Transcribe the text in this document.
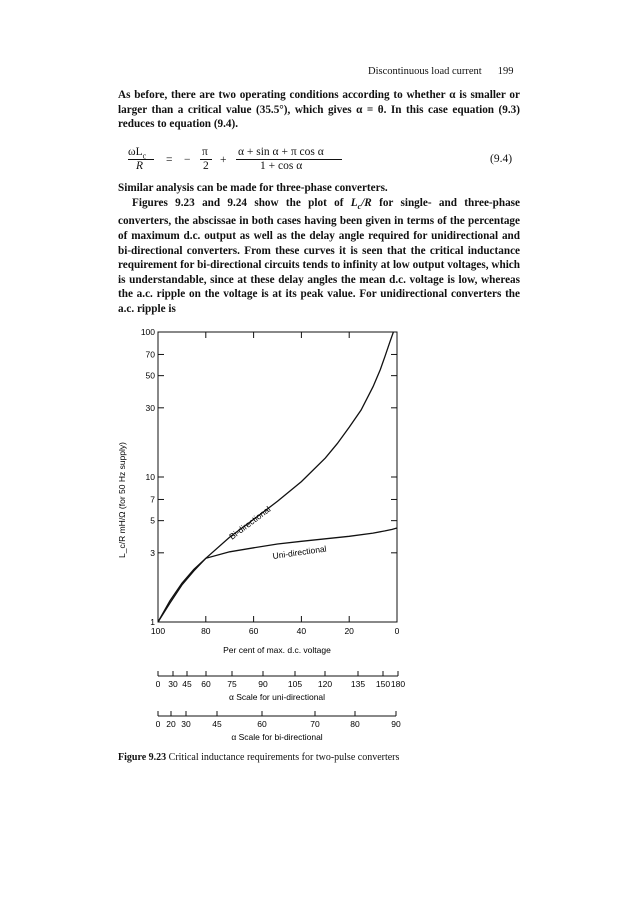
Discontinuous load current 199
As before, there are two operating conditions according to whether α is smaller or larger than a critical value (35.5°), which gives α = θ. In this case equation (9.3) reduces to equation (9.4).
$\omega L_c$
R = −
π
2 +
α + sin α + π cos α
1 + cos α
(9.4)
Similar analysis can be made for three-phase converters.
Figures 9.23 and 9.24 show the plot of $L_c/R$ for single- and three-phase converters, the abscissae in both cases having been given in terms of the percentage of maximum d.c. output as well as the delay angle required for unidirectional and bi-directional converters. From these curves it is seen that the critical inductance requirement for bi-directional circuits tends to infinity at low output voltages, which is understandable, since at these delay angles the mean d.c. voltage is low, whereas the a.c. ripple on the voltage is at its peak value. For unidirectional converters the a.c. ripple is
100
70
50
30
10
7
5
3
1
100	80	60	40	20	0
L_c/R mH/Ω (for 50 Hz supply)
Per cent of max. d.c. voltage
Bi-directional
Uni-directional
0 30 45 60 75	90 105 120 135 150 180
α Scale for uni-directional
0 20 30	45	60	70	80	90
α Scale for bi-directional
Figure 9.23 Critical inductance requirements for two-pulse converters
